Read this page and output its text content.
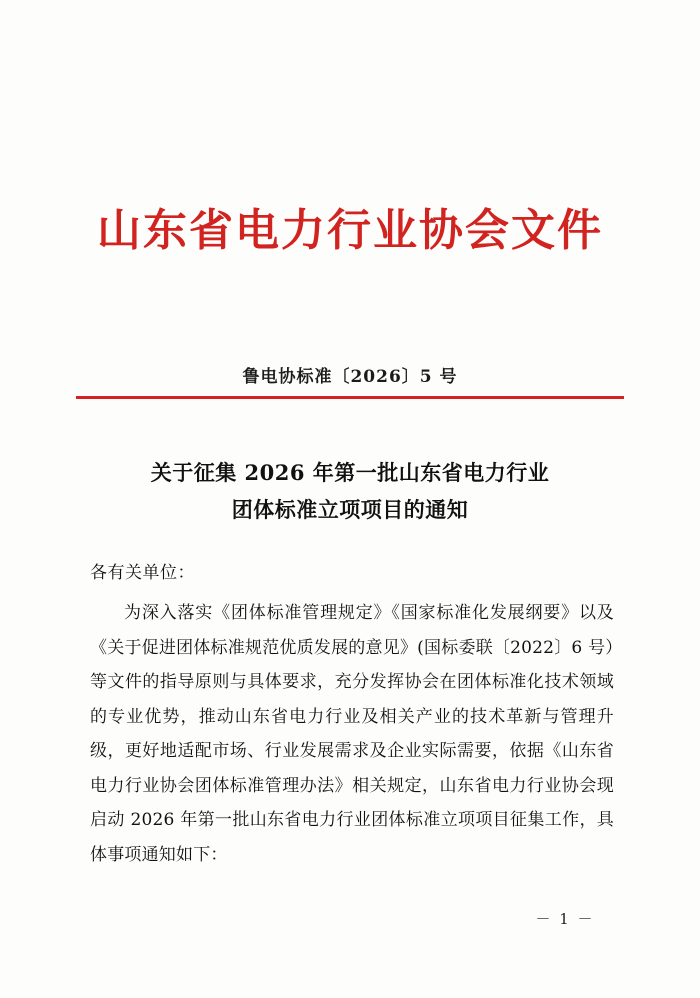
山东省电力行业协会文件
鲁电协标准〔2026〕5 号
关于征集 2026 年第一批山东省电力行业
团体标准立项项目的通知
各有关单位：
为深入落实《团体标准管理规定》《国家标准化发展纲要》以及《关于促进团体标准规范优质发展的意见》(国标委联〔2022〕6 号）等文件的指导原则与具体要求，充分发挥协会在团体标准化技术领域的专业优势，推动山东省电力行业及相关产业的技术革新与管理升级，更好地适配市场、行业发展需求及企业实际需要，依据《山东省电力行业协会团体标准管理办法》相关规定，山东省电力行业协会现启动 2026 年第一批山东省电力行业团体标准立项项目征集工作，具体事项通知如下：
－ 1 －
